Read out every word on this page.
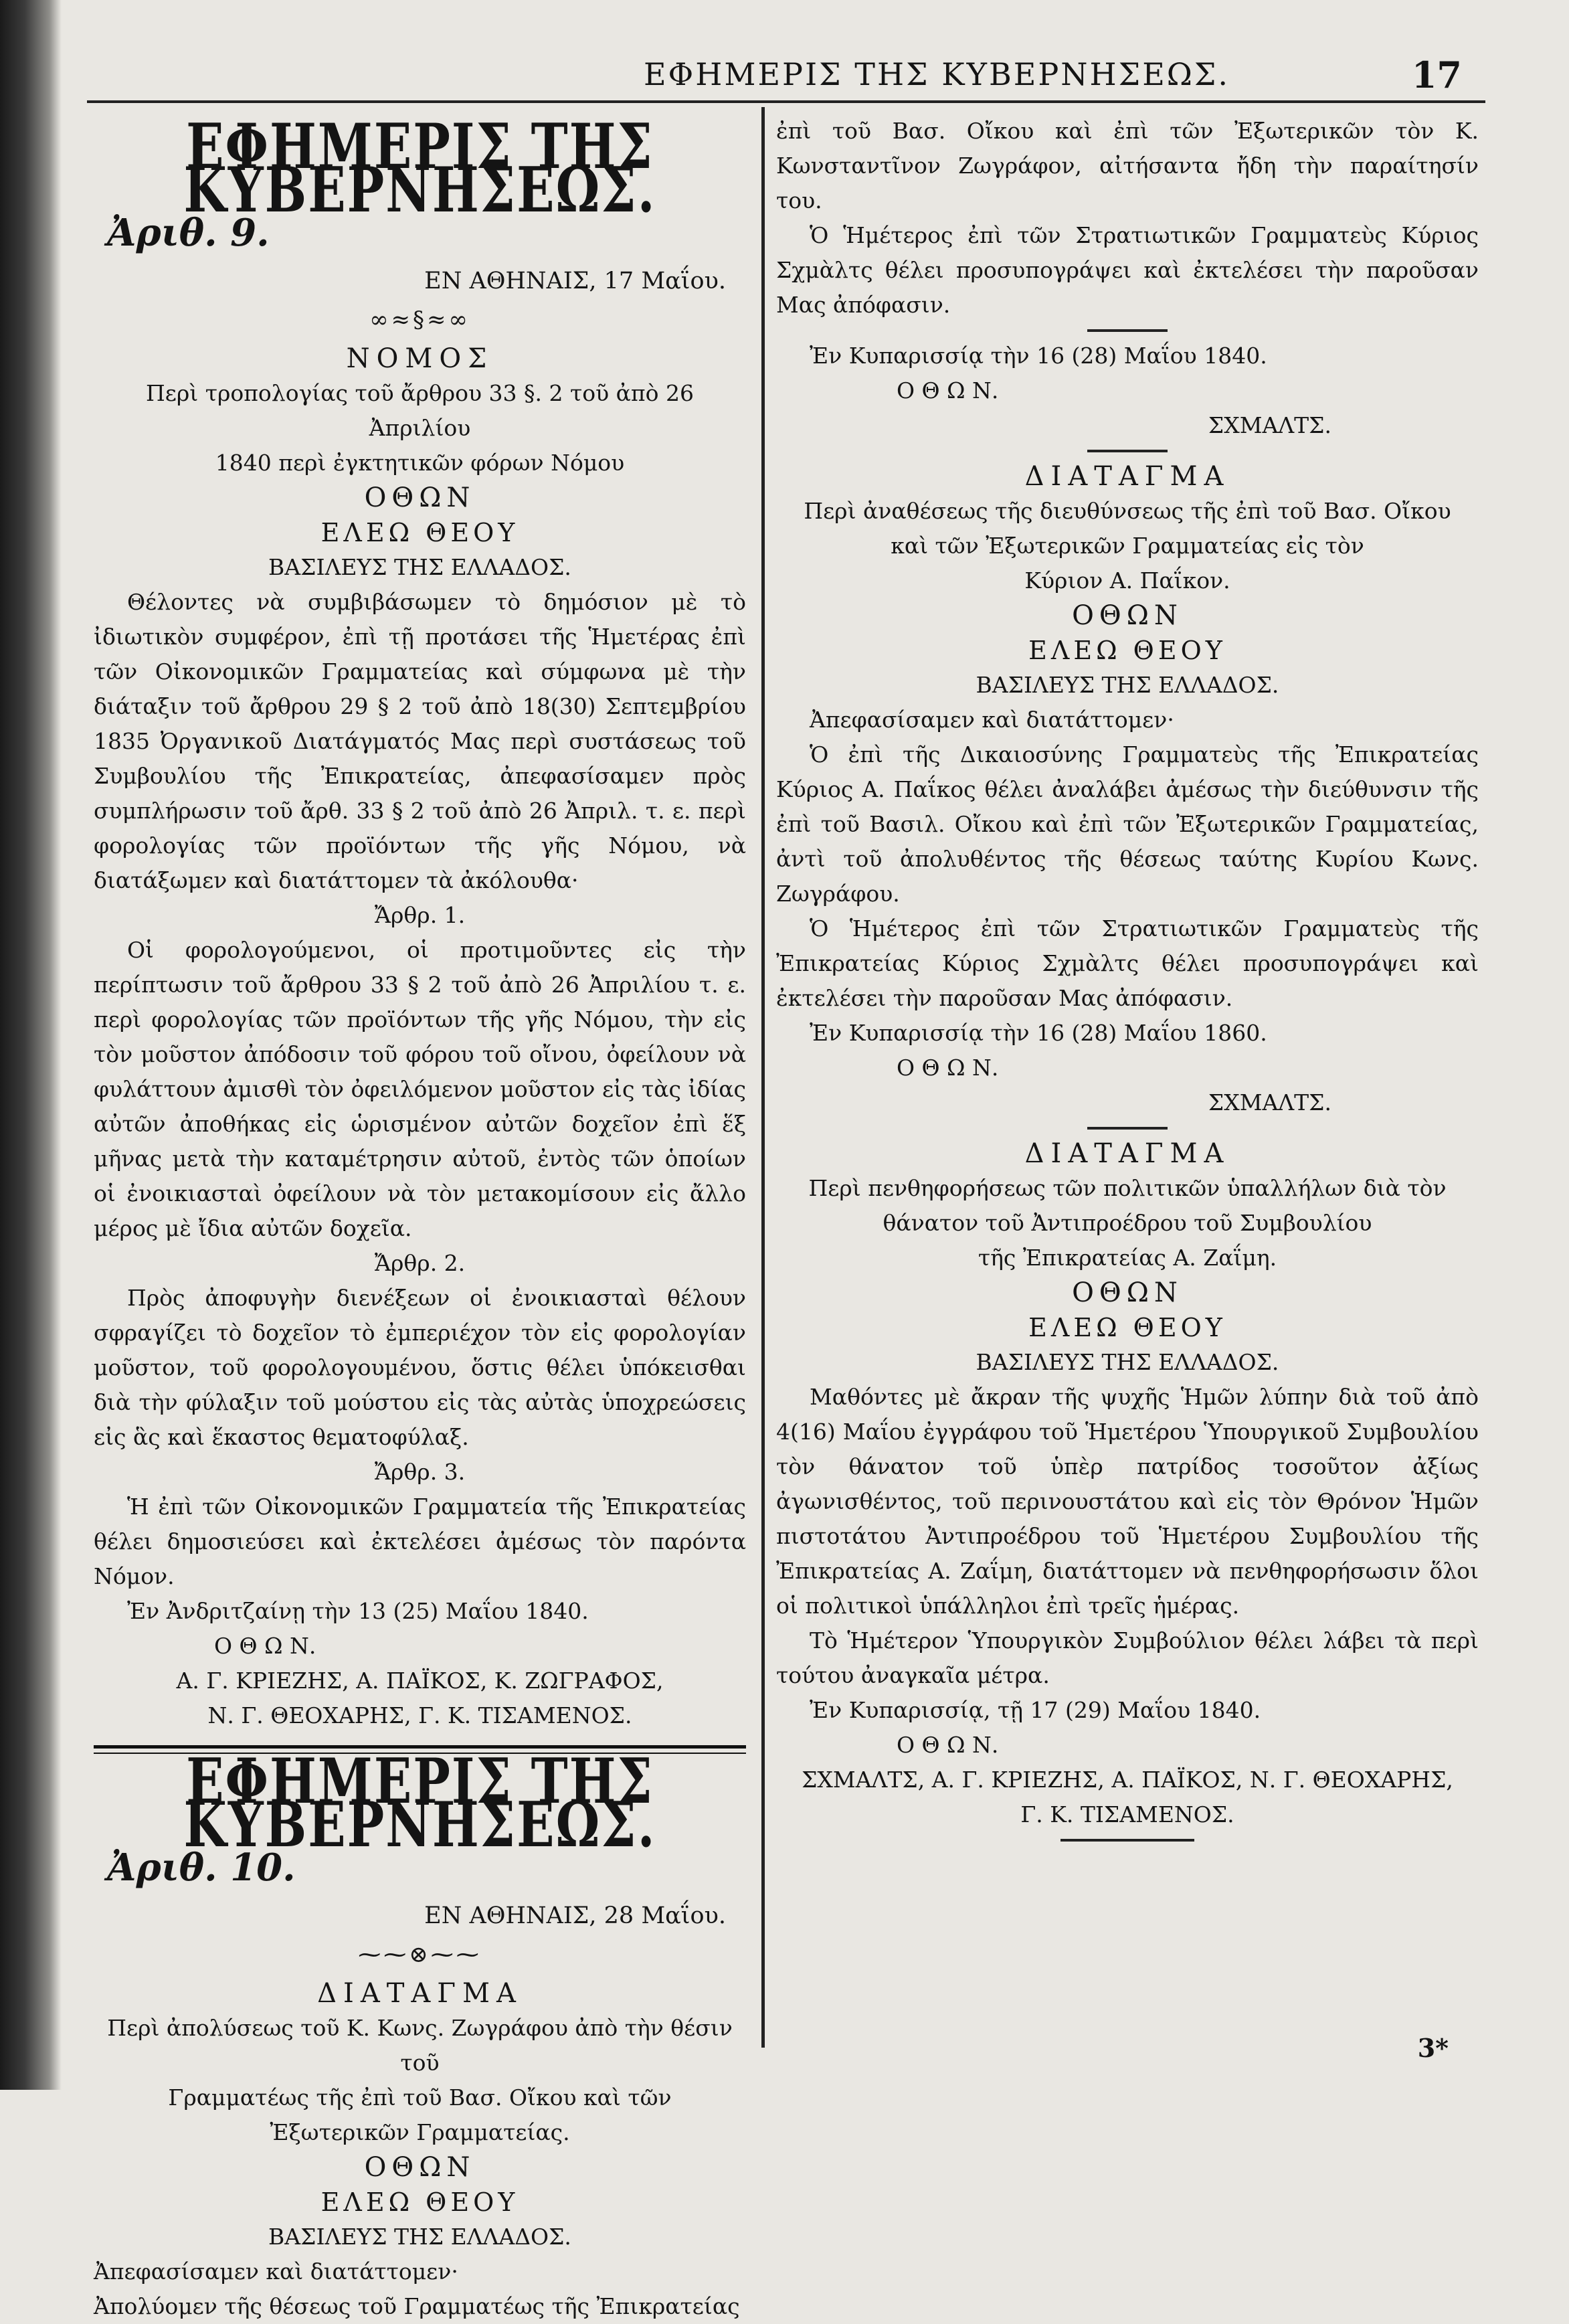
ΕΦΗΜΕΡΙΣ ΤΗΣ ΚΥΒΕΡΝΗΣΕΩΣ.	17
ΕΦΗΜΕΡΙΣ ΤΗΣ ΚΥΒΕΡΝΗΣΕΩΣ.
Ἀριθ. 9.
ΕΝ ΑΘΗΝΑΙΣ, 17 Μαΐου.
∞≈§≈∞
ΝΟΜΟΣ
Περὶ τροπολογίας τοῦ ἄρθρου 33 §. 2 τοῦ ἀπὸ 26 Ἀπριλίου
1840 περὶ ἐγκτητικῶν φόρων Νόμου
ΟΘΩΝ
ΕΛΕΩ ΘΕΟΥ
ΒΑΣΙΛΕΥΣ ΤΗΣ ΕΛΛΑΔΟΣ.
Θέλοντες νὰ συμβιβάσωμεν τὸ δημόσιον μὲ τὸ ἰδιωτικὸν συμφέρον, ἐπὶ τῇ προτάσει τῆς Ἡμετέρας ἐπὶ τῶν Οἰκονομικῶν Γραμματείας καὶ σύμφωνα μὲ τὴν διάταξιν τοῦ ἄρθρου 29 § 2 τοῦ ἀπὸ 18(30) Σεπτεμβρίου 1835 Ὀργανικοῦ Διατάγματός Μας περὶ συστάσεως τοῦ Συμβουλίου τῆς Ἐπικρατείας, ἀπεφασίσαμεν πρὸς συμπλήρωσιν τοῦ ἄρθ. 33 § 2 τοῦ ἀπὸ 26 Ἀπριλ. τ. ε. περὶ φορολογίας τῶν προϊόντων τῆς γῆς Νόμου, νὰ διατάξωμεν καὶ διατάττομεν τὰ ἀκόλουθα·
Ἄρθρ. 1.
Οἱ φορολογούμενοι, οἱ προτιμοῦντες εἰς τὴν περίπτωσιν τοῦ ἄρθρου 33 § 2 τοῦ ἀπὸ 26 Ἀπριλίου τ. ε. περὶ φορολογίας τῶν προϊόντων τῆς γῆς Νόμου, τὴν εἰς τὸν μοῦστον ἀπόδοσιν τοῦ φόρου τοῦ οἴνου, ὀφείλουν νὰ φυλάττουν ἀμισθὶ τὸν ὀφειλόμενον μοῦστον εἰς τὰς ἰδίας αὐτῶν ἀποθήκας εἰς ὡρισμένον αὐτῶν δοχεῖον ἐπὶ ἕξ μῆνας μετὰ τὴν καταμέτρησιν αὐτοῦ, ἐντὸς τῶν ὁποίων οἱ ἐνοικιασταὶ ὀφείλουν νὰ τὸν μετακομίσουν εἰς ἄλλο μέρος μὲ ἴδια αὐτῶν δοχεῖα.
Ἄρθρ. 2.
Πρὸς ἀποφυγὴν διενέξεων οἱ ἐνοικιασταὶ θέλουν σφραγίζει τὸ δοχεῖον τὸ ἐμπεριέχον τὸν εἰς φορολογίαν μοῦστον, τοῦ φορολογουμένου, ὅστις θέλει ὑπόκεισθαι διὰ τὴν φύλαξιν τοῦ μούστου εἰς τὰς αὐτὰς ὑποχρεώσεις εἰς ἃς καὶ ἕκαστος θεματοφύλαξ.
Ἄρθρ. 3.
Ἡ ἐπὶ τῶν Οἰκονομικῶν Γραμματεία τῆς Ἐπικρατείας θέλει δημοσιεύσει καὶ ἐκτελέσει ἀμέσως τὸν παρόντα Νόμον.
Ἐν Ἀνδριτζαίνῃ τὴν 13 (25) Μαΐου 1840.
Ο Θ Ω Ν.
Α. Γ. ΚΡΙΕΖΗΣ, Α. ΠΑΪΚΟΣ, Κ. ΖΩΓΡΑΦΟΣ,
Ν. Γ. ΘΕΟΧΑΡΗΣ, Γ. Κ. ΤΙΣΑΜΕΝΟΣ.
ΕΦΗΜΕΡΙΣ ΤΗΣ ΚΥΒΕΡΝΗΣΕΩΣ.
Ἀριθ. 10.
ΕΝ ΑΘΗΝΑΙΣ, 28 Μαΐου.
⁓⁓⊗⁓⁓
ΔΙΑΤΑΓΜΑ
Περὶ ἀπολύσεως τοῦ Κ. Κωνς. Ζωγράφου ἀπὸ τὴν θέσιν τοῦ
Γραμματέως τῆς ἐπὶ τοῦ Βασ. Οἴκου καὶ τῶν
Ἐξωτερικῶν Γραμματείας.
ΟΘΩΝ
ΕΛΕΩ ΘΕΟΥ
ΒΑΣΙΛΕΥΣ ΤΗΣ ΕΛΛΑΔΟΣ.
Ἀπεφασίσαμεν καὶ διατάττομεν·
Ἀπολύομεν τῆς θέσεως τοῦ Γραμματέως τῆς Ἐπικρατείας
ἐπὶ τοῦ Βασ. Οἴκου καὶ ἐπὶ τῶν Ἐξωτερικῶν τὸν Κ. Κωνσταντῖνον Ζωγράφον, αἰτήσαντα ἤδη τὴν παραίτησίν του.
Ὁ Ἡμέτερος ἐπὶ τῶν Στρατιωτικῶν Γραμματεὺς Κύριος Σχμὰλτς θέλει προσυπογράψει καὶ ἐκτελέσει τὴν παροῦσαν Μας ἀπόφασιν.
Ἐν Κυπαρισσίᾳ τὴν 16 (28) Μαΐου 1840.
Ο Θ Ω Ν.
ΣΧΜΑΛΤΣ.
ΔΙΑΤΑΓΜΑ
Περὶ ἀναθέσεως τῆς διευθύνσεως τῆς ἐπὶ τοῦ Βασ. Οἴκου
καὶ τῶν Ἐξωτερικῶν Γραμματείας εἰς τὸν
Κύριον Α. Παΐκον.
ΟΘΩΝ
ΕΛΕΩ ΘΕΟΥ
ΒΑΣΙΛΕΥΣ ΤΗΣ ΕΛΛΑΔΟΣ.
Ἀπεφασίσαμεν καὶ διατάττομεν·
Ὁ ἐπὶ τῆς Δικαιοσύνης Γραμματεὺς τῆς Ἐπικρατείας Κύριος Α. Παΐκος θέλει ἀναλάβει ἀμέσως τὴν διεύθυνσιν τῆς ἐπὶ τοῦ Βασιλ. Οἴκου καὶ ἐπὶ τῶν Ἐξωτερικῶν Γραμματείας, ἀντὶ τοῦ ἀπολυθέντος τῆς θέσεως ταύτης Κυρίου Κωνς. Ζωγράφου.
Ὁ Ἡμέτερος ἐπὶ τῶν Στρατιωτικῶν Γραμματεὺς τῆς Ἐπικρατείας Κύριος Σχμὰλτς θέλει προσυπογράψει καὶ ἐκτελέσει τὴν παροῦσαν Μας ἀπόφασιν.
Ἐν Κυπαρισσίᾳ τὴν 16 (28) Μαΐου 1860.
Ο Θ Ω Ν.
ΣΧΜΑΛΤΣ.
ΔΙΑΤΑΓΜΑ
Περὶ πενθηφορήσεως τῶν πολιτικῶν ὑπαλλήλων διὰ τὸν
θάνατον τοῦ Ἀντιπροέδρου τοῦ Συμβουλίου
τῆς Ἐπικρατείας Α. Ζαΐμη.
ΟΘΩΝ
ΕΛΕΩ ΘΕΟΥ
ΒΑΣΙΛΕΥΣ ΤΗΣ ΕΛΛΑΔΟΣ.
Μαθόντες μὲ ἄκραν τῆς ψυχῆς Ἡμῶν λύπην διὰ τοῦ ἀπὸ 4(16) Μαΐου ἐγγράφου τοῦ Ἡμετέρου Ὑπουργικοῦ Συμβουλίου τὸν θάνατον τοῦ ὑπὲρ πατρίδος τοσοῦτον ἀξίως ἀγωνισθέντος, τοῦ περινουστάτου καὶ εἰς τὸν Θρόνον Ἡμῶν πιστοτάτου Ἀντιπροέδρου τοῦ Ἡμετέρου Συμβουλίου τῆς Ἐπικρατείας Α. Ζαΐμη, διατάττομεν νὰ πενθηφορήσωσιν ὅλοι οἱ πολιτικοὶ ὑπάλληλοι ἐπὶ τρεῖς ἡμέρας.
Τὸ Ἡμέτερον Ὑπουργικὸν Συμβούλιον θέλει λάβει τὰ περὶ τούτου ἀναγκαῖα μέτρα.
Ἐν Κυπαρισσίᾳ, τῇ 17 (29) Μαΐου 1840.
Ο Θ Ω Ν.
ΣΧΜΑΛΤΣ, Α. Γ. ΚΡΙΕΖΗΣ, Α. ΠΑΪΚΟΣ, Ν. Γ. ΘΕΟΧΑΡΗΣ,
Γ. Κ. ΤΙΣΑΜΕΝΟΣ.
3*
